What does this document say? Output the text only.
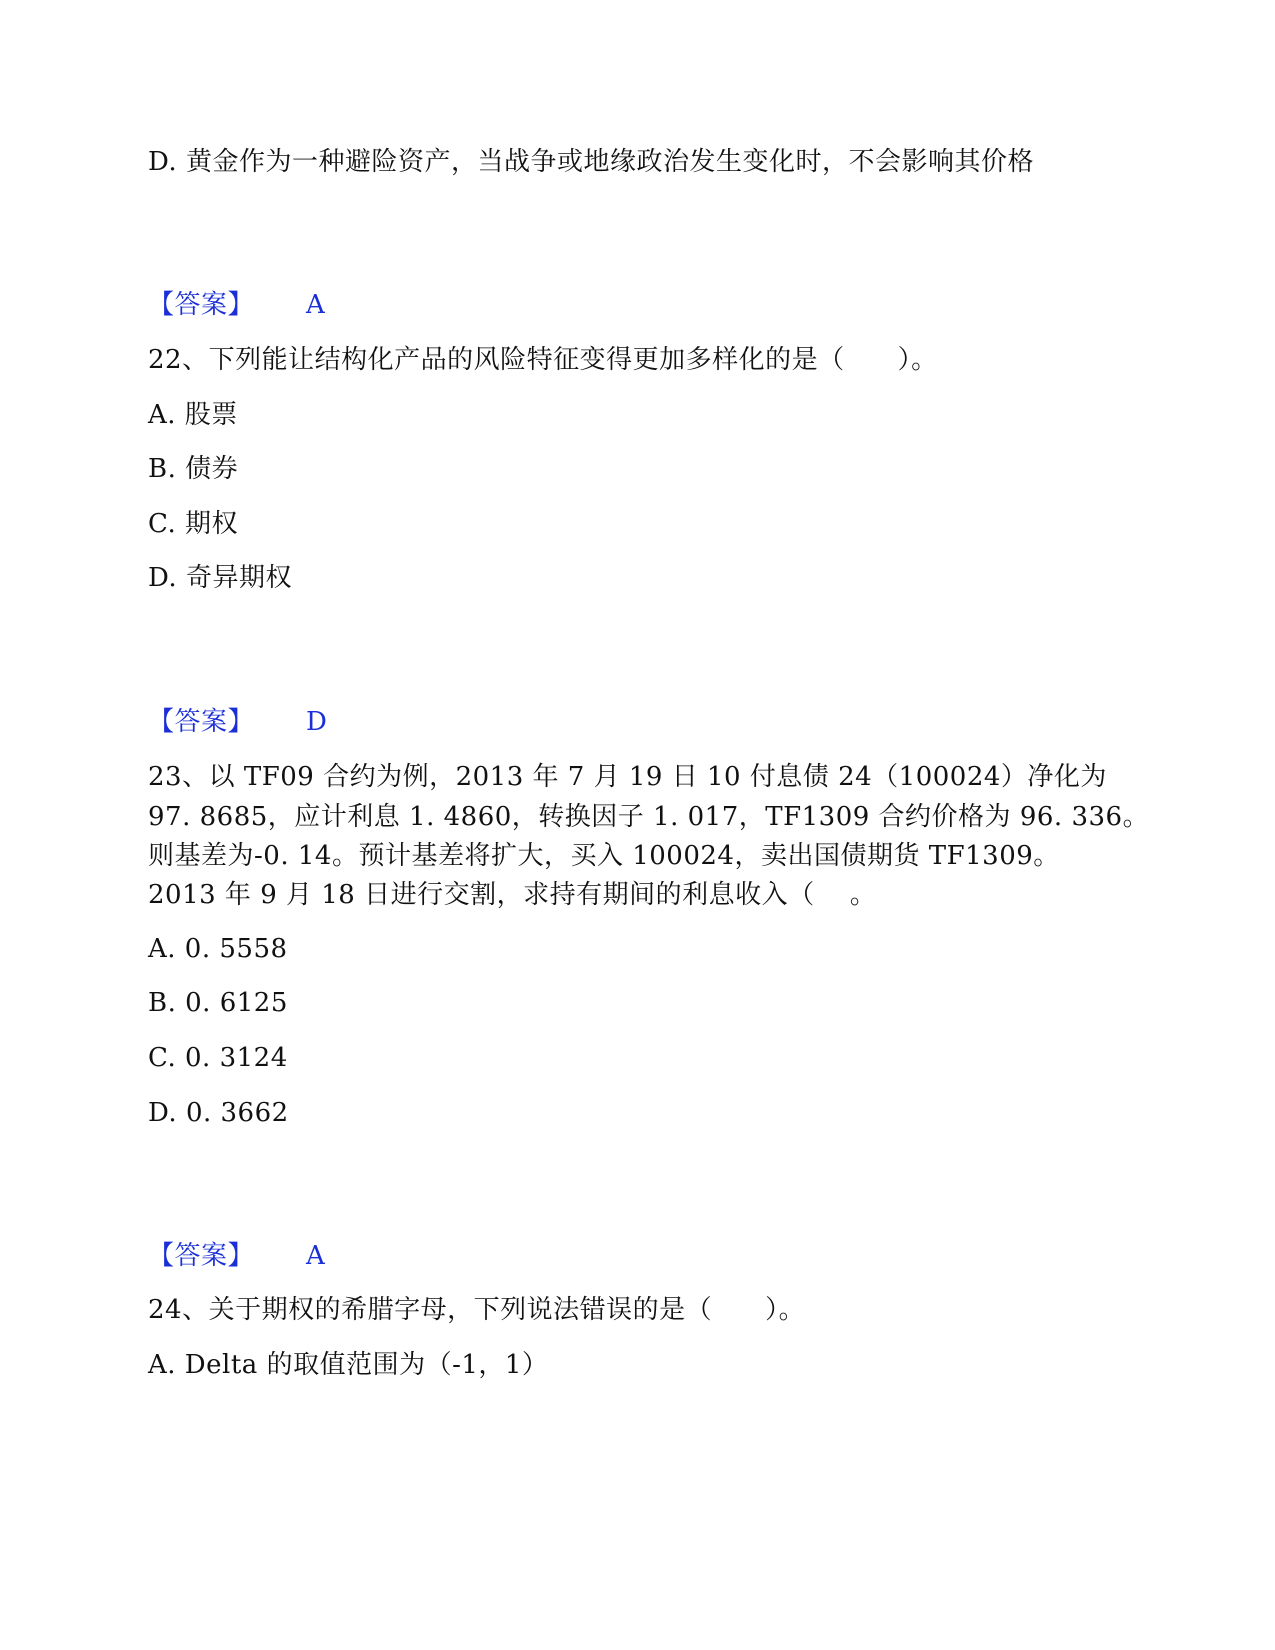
D. 黄金作为一种避险资产，当战争或地缘政治发生变化时，不会影响其价格
【答案】 A
22、下列能让结构化产品的风险特征变得更加多样化的是（　　）。
A. 股票
B. 债券
C. 期权
D. 奇异期权
【答案】 D
23、以 TF09 合约为例，2013 年 7 月 19 日 10 付息债 24（100024）净化为
97. 8685，应计利息 1. 4860，转换因子 1. 017，TF1309 合约价格为 96. 336。
则基差为-0. 14。预计基差将扩大，买入 100024，卖出国债期货 TF1309。
2013 年 9 月 18 日进行交割，求持有期间的利息收入（　 。
A. 0. 5558
B. 0. 6125
C. 0. 3124
D. 0. 3662
【答案】 A
24、关于期权的希腊字母，下列说法错误的是（　　）。
A. Delta 的取值范围为（-1，1）
